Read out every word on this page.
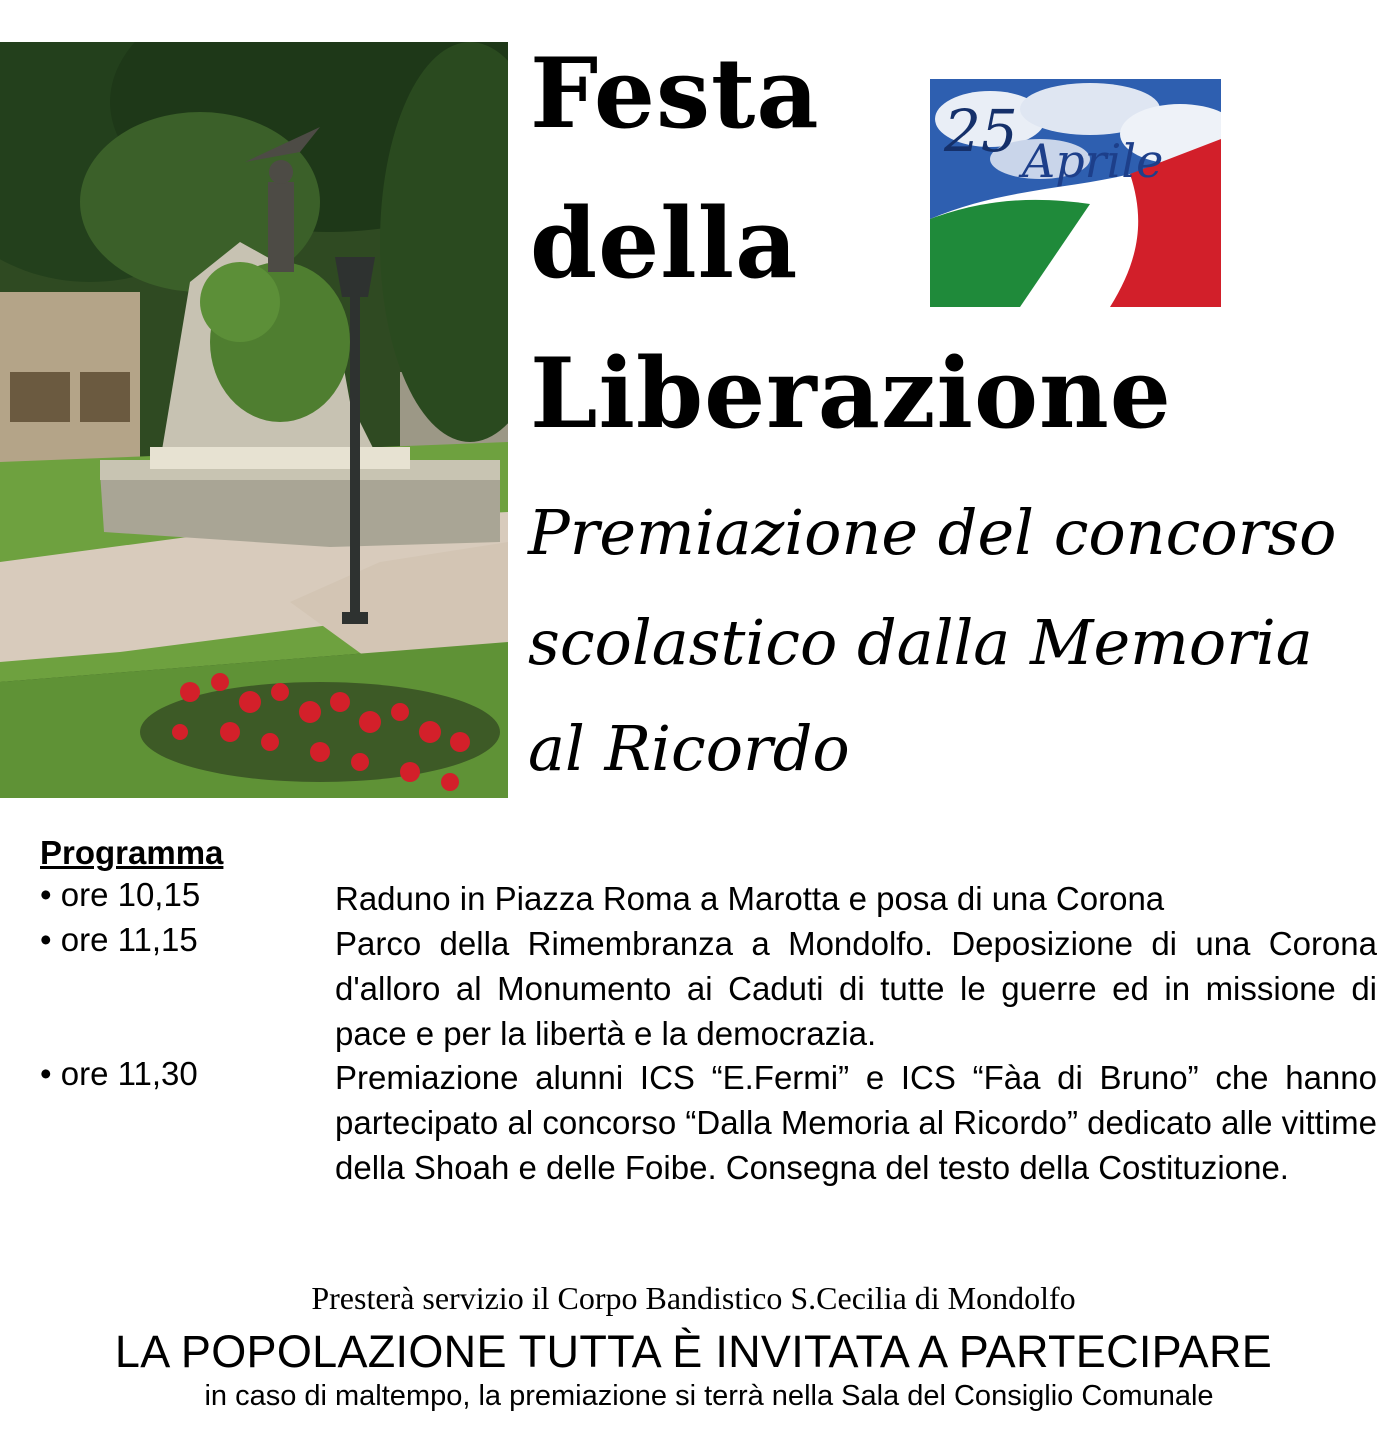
25 Aprile
Festa
della
Liberazione

Premiazione del concorso

scolastico dalla Memoria

al Ricordo

Programma
• ore 10,15	Raduno in Piazza Roma a Marotta e posa di una Corona
• ore 11,15	Parco della Rimembranza a Mondolfo. Deposizione di una Corona d'alloro al Monumento ai Caduti di tutte le guerre ed in missione di pace e per la libertà e la democrazia.
• ore 11,30	Premiazione alunni ICS “E.Fermi” e ICS “Fàa di Bruno” che hanno partecipato al concorso “Dalla Memoria al Ricordo” dedicato alle vittime della Shoah e delle Foibe. Consegna del testo della Costituzione.
Presterà servizio il Corpo Bandistico S.Cecilia di Mondolfo
LA POPOLAZIONE TUTTA È INVITATA A PARTECIPARE
in caso di maltempo, la premiazione si terrà nella Sala del Consiglio Comunale
